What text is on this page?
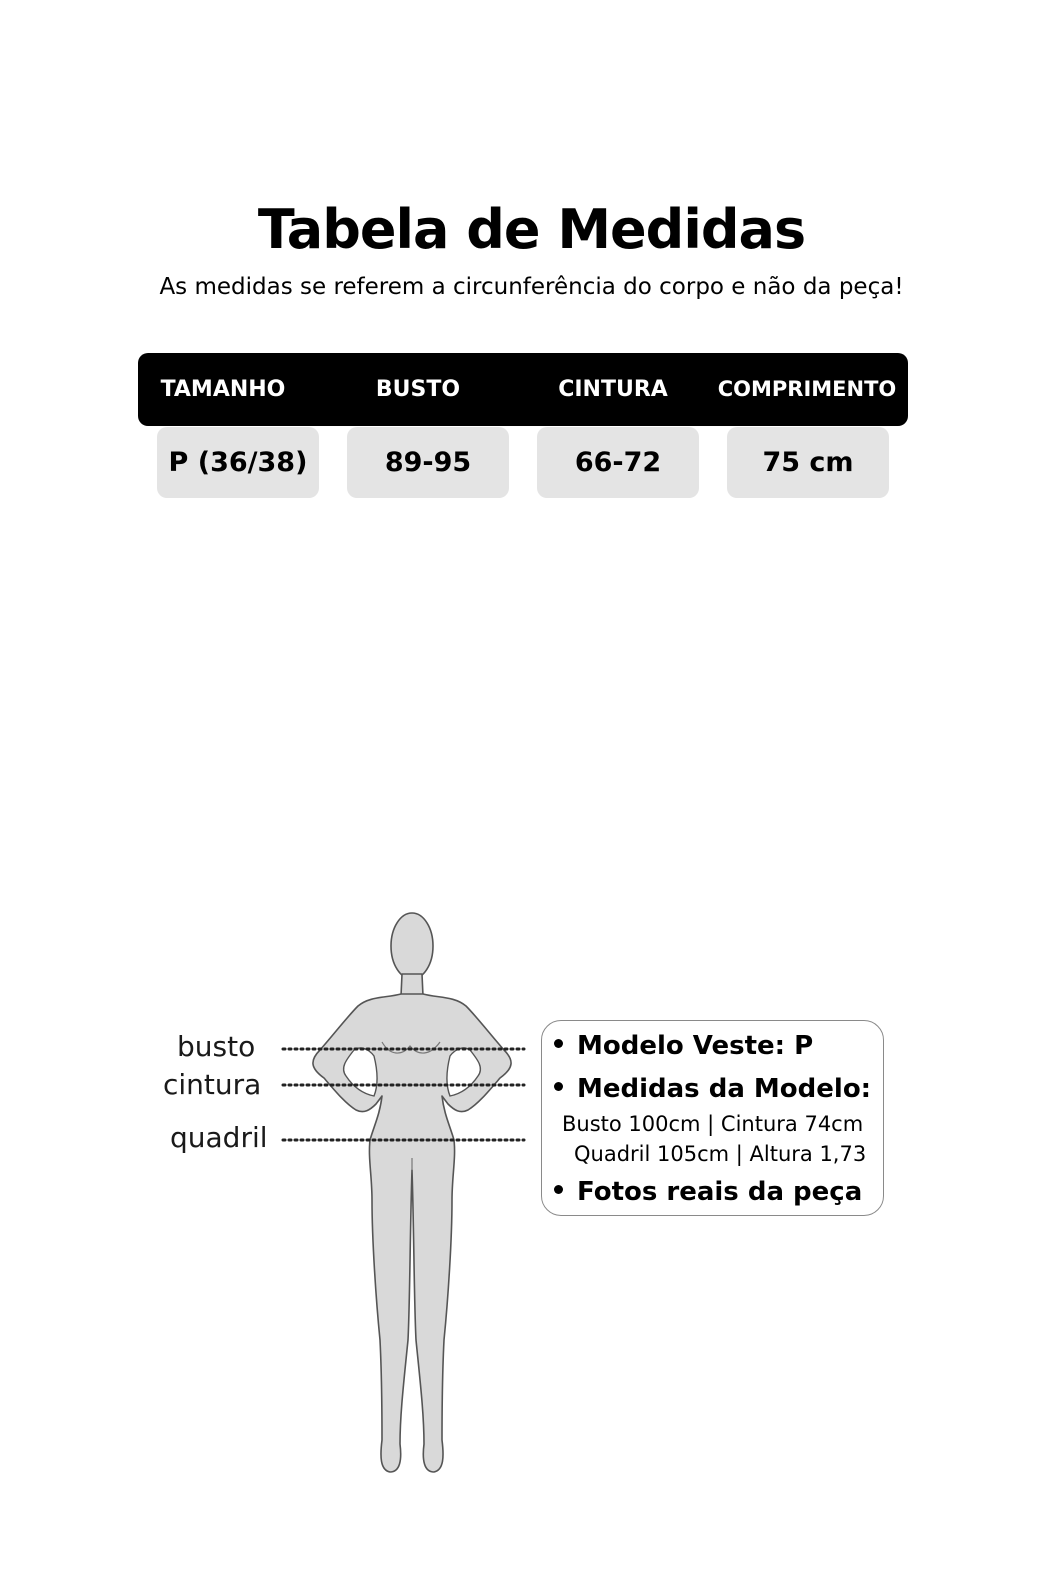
Tabela de Medidas
As medidas se referem a circunferência do corpo e não da peça!
TAMANHO	BUSTO	CINTURA	COMPRIMENTO
P (36/38)	89-95	66-72	75 cm
busto
cintura
quadril
Modelo Veste: P
Medidas da Modelo:
Busto 100cm | Cintura 74cm
Quadril 105cm | Altura 1,73
Fotos reais da peça
